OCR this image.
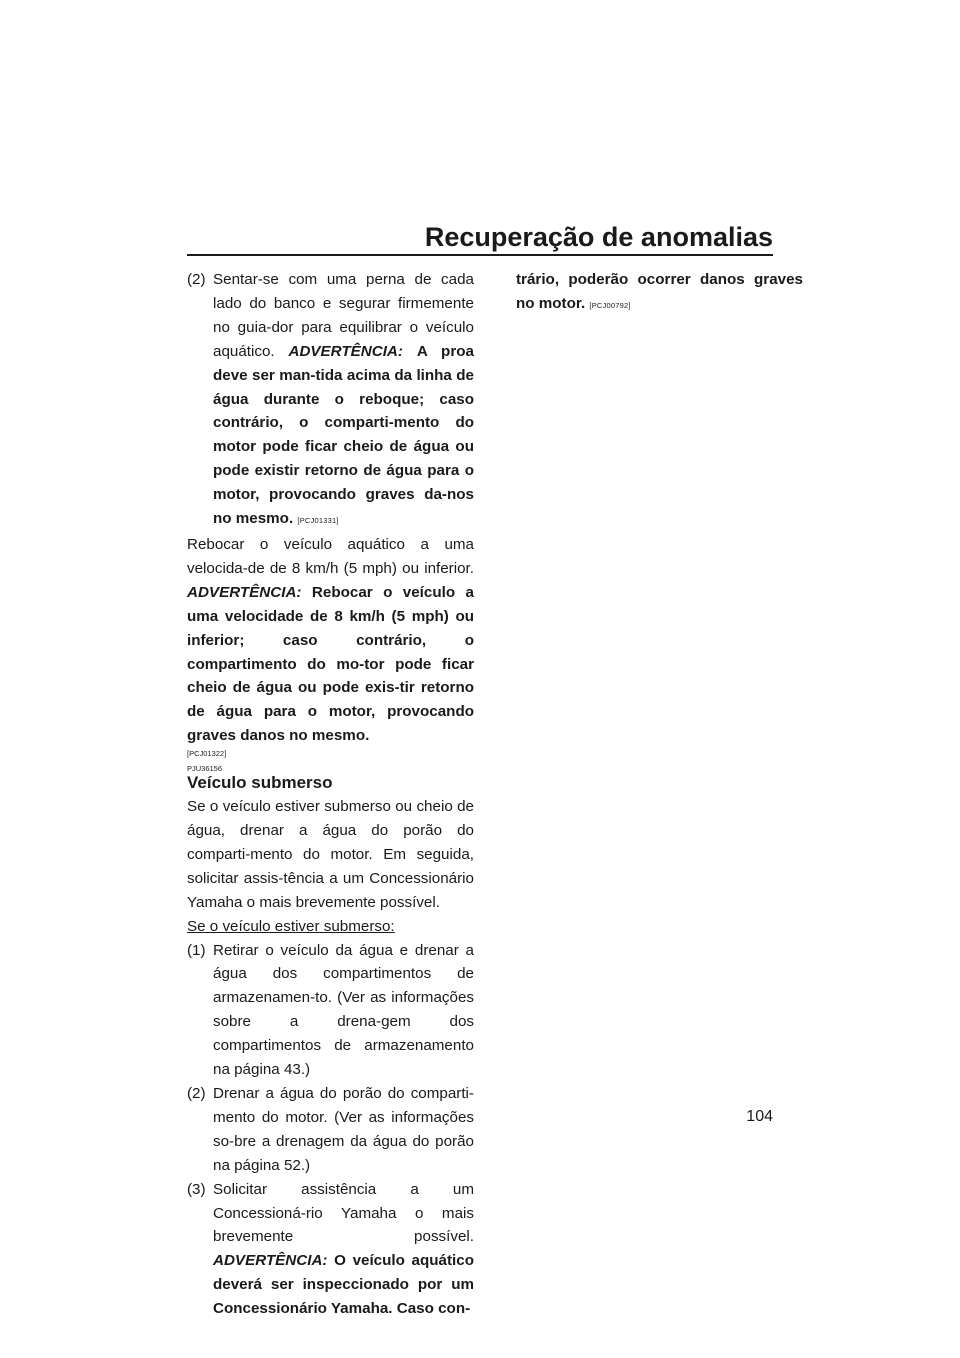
Recuperação de anomalias
(2) Sentar-se com uma perna de cada lado do banco e segurar firmemente no guia-dor para equilibrar o veículo aquático. ADVERTÊNCIA: A proa deve ser man-tida acima da linha de água durante o reboque; caso contrário, o comparti-mento do motor pode ficar cheio de água ou pode existir retorno de água para o motor, provocando graves da-nos no mesmo. [PCJ01331]
Rebocar o veículo aquático a uma velocida-de de 8 km/h (5 mph) ou inferior. ADVERTÊNCIA: Rebocar o veículo a uma velocidade de 8 km/h (5 mph) ou inferior; caso contrário, o compartimento do mo-tor pode ficar cheio de água ou pode exis-tir retorno de água para o motor, provocando graves danos no mesmo.
[PCJ01322]
PJU36156
Veículo submerso
Se o veículo estiver submerso ou cheio de água, drenar a água do porão do comparti-mento do motor. Em seguida, solicitar assis-tência a um Concessionário Yamaha o mais brevemente possível.
Se o veículo estiver submerso:
(1) Retirar o veículo da água e drenar a água dos compartimentos de armazenamen-to. (Ver as informações sobre a drena-gem dos compartimentos de armazenamento na página 43.)
(2) Drenar a água do porão do comparti-mento do motor. (Ver as informações so-bre a drenagem da água do porão na página 52.)
(3) Solicitar assistência a um Concessioná-rio Yamaha o mais brevemente possível. ADVERTÊNCIA: O veículo aquático deverá ser inspeccionado por um Concessionário Yamaha. Caso con-
trário, poderão ocorrer danos graves no motor. [PCJ00792]
104
